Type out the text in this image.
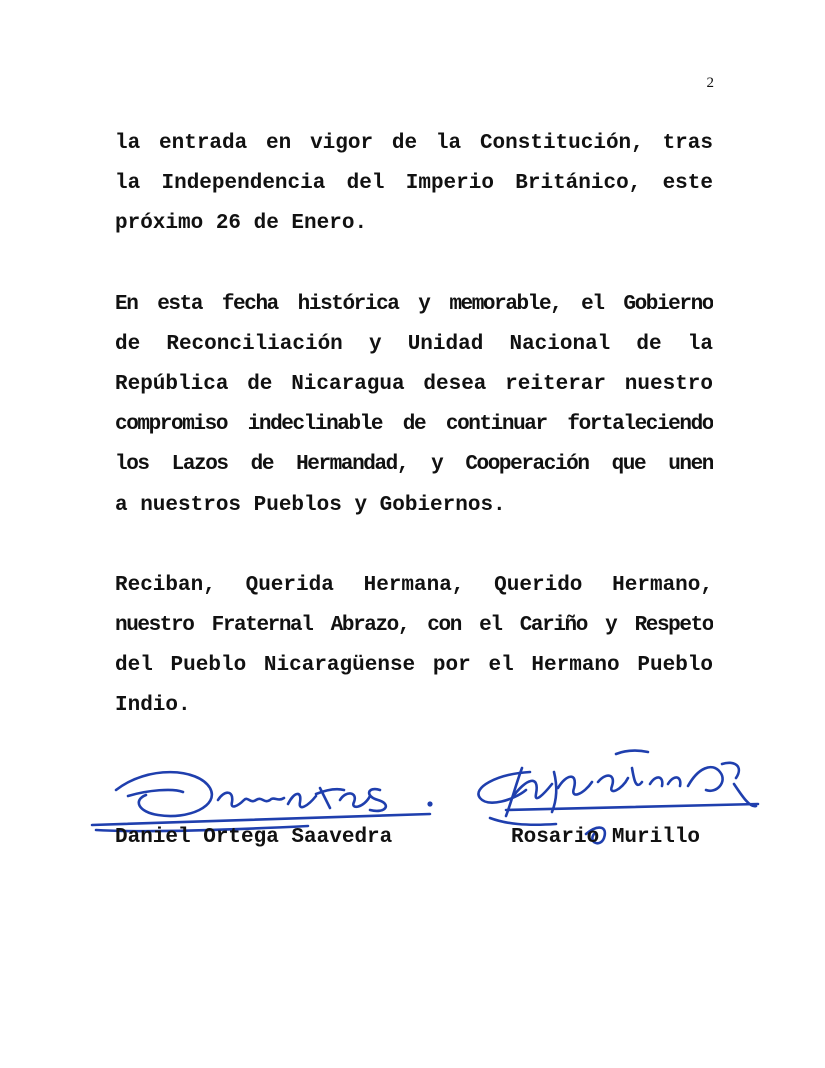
2
la entrada en vigor de la Constitución, tras
la Independencia del Imperio Británico, este
próximo 26 de Enero.
En esta fecha histórica y memorable, el Gobierno
de Reconciliación y Unidad Nacional de la
República de Nicaragua desea reiterar nuestro
compromiso indeclinable de continuar fortaleciendo
los Lazos de Hermandad, y Cooperación que unen
a nuestros Pueblos y Gobiernos.
Reciban, Querida Hermana, Querido Hermano,
nuestro Fraternal Abrazo, con el Cariño y Respeto
del Pueblo Nicaragüense por el Hermano Pueblo
Indio.
Daniel Ortega Saavedra	Rosario Murillo
